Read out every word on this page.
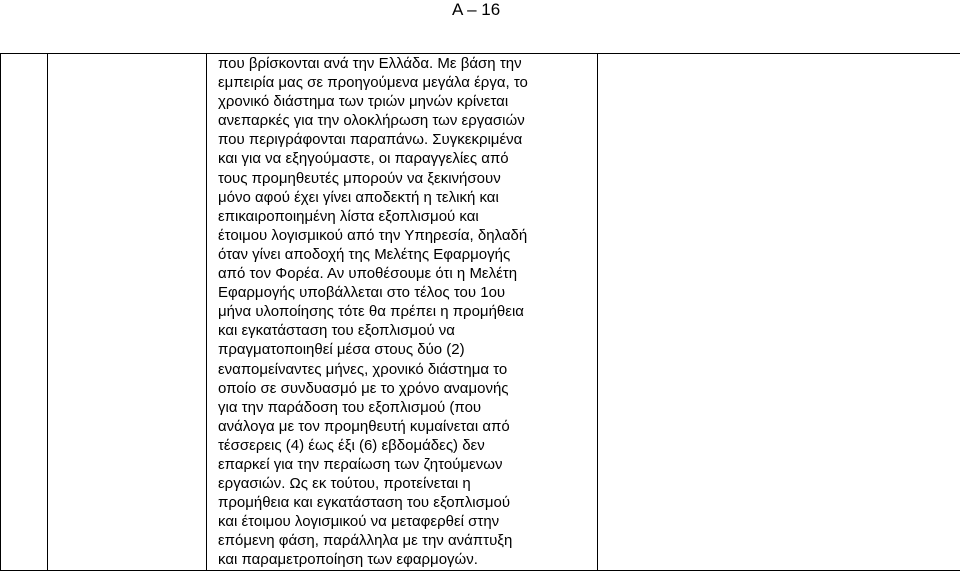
Α – 16

που βρίσκονται ανά την Ελλάδα. Με βάση την
εμπειρία μας σε προηγούμενα μεγάλα έργα, το
χρονικό διάστημα των τριών μηνών κρίνεται
ανεπαρκές για την ολοκλήρωση των εργασιών
που περιγράφονται παραπάνω. Συγκεκριμένα
και για να εξηγούμαστε, οι παραγγελίες από
τους προμηθευτές μπορούν να ξεκινήσουν
μόνο αφού έχει γίνει αποδεκτή η τελική και
επικαιροποιημένη λίστα εξοπλισμού και
έτοιμου λογισμικού από την Υπηρεσία, δηλαδή
όταν γίνει αποδοχή της Μελέτης Εφαρμογής
από τον Φορέα. Αν υποθέσουμε ότι η Μελέτη
Εφαρμογής υποβάλλεται στο τέλος του 1ου
μήνα υλοποίησης τότε θα πρέπει η προμήθεια
και εγκατάσταση του εξοπλισμού να
πραγματοποιηθεί μέσα στους δύο (2)
εναπομείναντες μήνες, χρονικό διάστημα το
οποίο σε συνδυασμό με το χρόνο αναμονής
για την παράδοση του εξοπλισμού (που
ανάλογα με τον προμηθευτή κυμαίνεται από
τέσσερεις (4) έως έξι (6) εβδομάδες) δεν
επαρκεί για την περαίωση των ζητούμενων
εργασιών. Ως εκ τούτου, προτείνεται η
προμήθεια και εγκατάσταση του εξοπλισμού
και έτοιμου λογισμικού να μεταφερθεί στην
επόμενη φάση, παράλληλα με την ανάπτυξη
και παραμετροποίηση των εφαρμογών.
